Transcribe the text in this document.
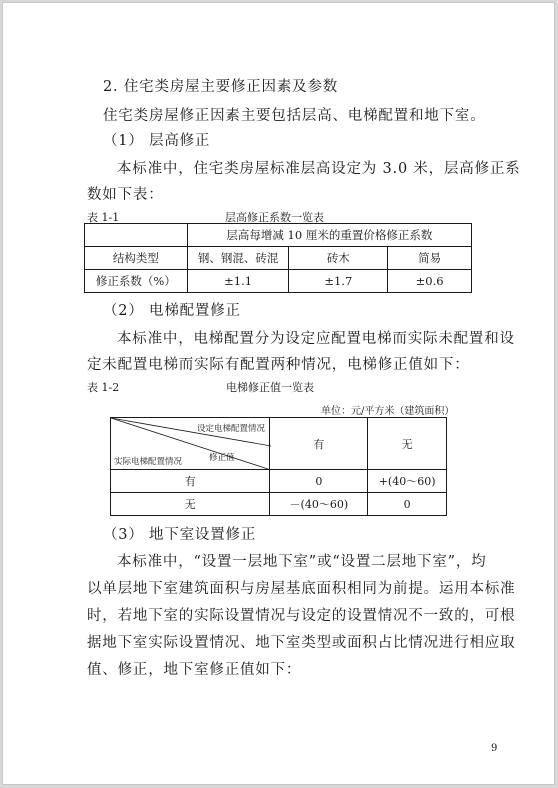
2. 住宅类房屋主要修正因素及参数
住宅类房屋修正因素主要包括层高、电梯配置和地下室。
（1） 层高修正
本标准中，住宅类房屋标准层高设定为 3.0 米，层高修正系
数如下表：
表 1-1	层高修正系数一览表
	层高每增减 10 厘米的重置价格修正系数		
结构类型	钢、钢混、砖混	砖木	简易
修正系数（%）	±1.1	±1.7	±0.6
（2） 电梯配置修正
本标准中，电梯配置分为设定应配置电梯而实际未配置和设
定未配置电梯而实际有配置两种情况，电梯修正值如下：
表 1-2	电梯修正值一览表
单位：元/平方米（建筑面积）
设定电梯配置情况
修正值
实际电梯配置情况	有	无
有	0	+(40～60)
无	－(40～60)	0
（3） 地下室设置修正
本标准中，“设置一层地下室”或“设置二层地下室”，均
以单层地下室建筑面积与房屋基底面积相同为前提。运用本标准
时，若地下室的实际设置情况与设定的设置情况不一致的，可根
据地下室实际设置情况、地下室类型或面积占比情况进行相应取
值、修正，地下室修正值如下：
9
